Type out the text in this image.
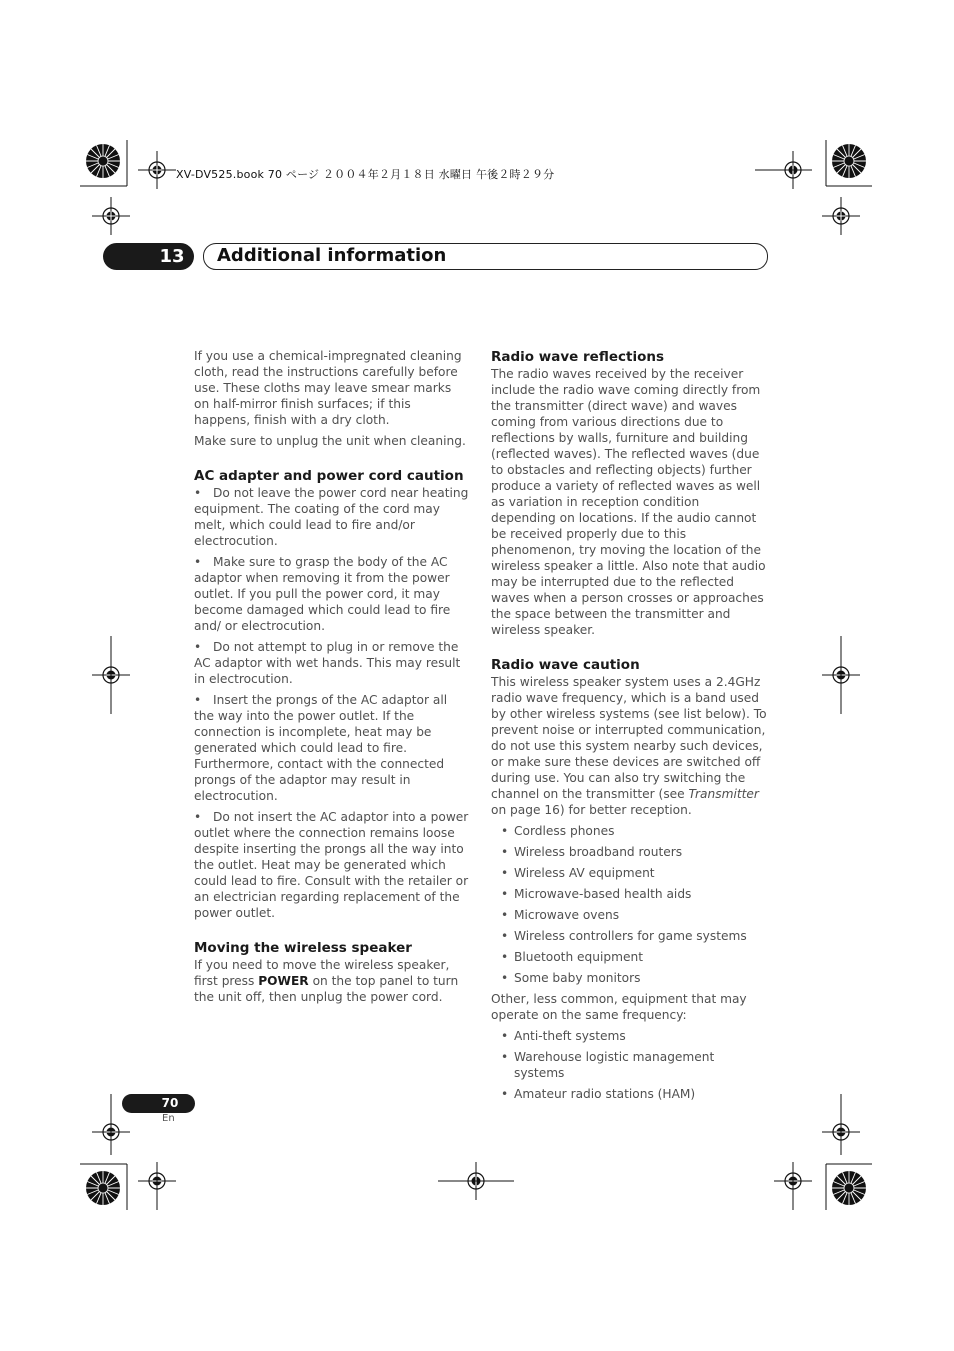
XV-DV525.book 70 ページ ２００４年２月１８日 水曜日 午後２時２９分
13	Additional information

If you use a chemical-impregnated cleaning cloth, read the instructions carefully before use. These cloths may leave smear marks on half-mirror finish surfaces; if this happens, finish with a dry cloth.

Make sure to unplug the unit when cleaning.

AC adapter and power cord caution

• Do not leave the power cord near heating equipment. The coating of the cord may melt, which could lead to fire and/or electrocution.

• Make sure to grasp the body of the AC adaptor when removing it from the power outlet. If you pull the power cord, it may become damaged which could lead to fire and/ or electrocution.

• Do not attempt to plug in or remove the AC adaptor with wet hands. This may result in electrocution.

• Insert the prongs of the AC adaptor all the way into the power outlet. If the connection is incomplete, heat may be generated which could lead to fire. Furthermore, contact with the connected prongs of the adaptor may result in electrocution.

• Do not insert the AC adaptor into a power outlet where the connection remains loose despite inserting the prongs all the way into the outlet. Heat may be generated which could lead to fire. Consult with the retailer or an electrician regarding replacement of the power outlet.

Moving the wireless speaker

If you need to move the wireless speaker, first press POWER on the top panel to turn the unit off, then unplug the power cord.

Radio wave reflections

The radio waves received by the receiver include the radio wave coming directly from the transmitter (direct wave) and waves coming from various directions due to reflections by walls, furniture and building (reflected waves). The reflected waves (due to obstacles and reflecting objects) further produce a variety of reflected waves as well as variation in reception condition depending on locations. If the audio cannot be received properly due to this phenomenon, try moving the location of the wireless speaker a little. Also note that audio may be interrupted due to the reflected waves when a person crosses or approaches the space between the transmitter and wireless speaker.

Radio wave caution

This wireless speaker system uses a 2.4GHz radio wave frequency, which is a band used by other wireless systems (see list below). To prevent noise or interrupted communication, do not use this system nearby such devices, or make sure these devices are switched off during use. You can also try switching the channel on the transmitter (see Transmitter on page 16) for better reception.

• Cordless phones
• Wireless broadband routers
• Wireless AV equipment
• Microwave-based health aids
• Microwave ovens
• Wireless controllers for game systems
• Bluetooth equipment
• Some baby monitors

Other, less common, equipment that may operate on the same frequency:

• Anti-theft systems
• Warehouse logistic management systems
• Amateur radio stations (HAM)
70
En
